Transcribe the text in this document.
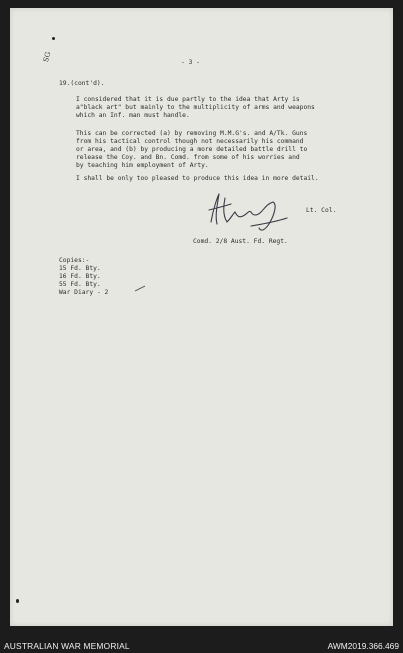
SG	- 3 -
19.(cont'd).
I considered that it is due partly to the idea that Arty is
a"black art" but mainly to the multiplicity of arms and weapons
which an Inf. man must handle.
This can be corrected (a) by removing M.M.G's. and A/Tk. Guns
from his tactical control though not necessarily his command
or area, and (b) by producing a more detailed battle drill to
release the Coy. and Bn. Comd. from some of his worries and
by teaching him employment of Arty.
I shall be only too pleased to produce this idea in more detail.
Lt. Col.
Comd. 2/8 Aust. Fd. Regt.
Copies:-
15 Fd. Bty.
16 Fd. Bty.
55 Fd. Bty.
War Diary - 2
AUSTRALIAN WAR MEMORIAL	AWM2019.366.469
